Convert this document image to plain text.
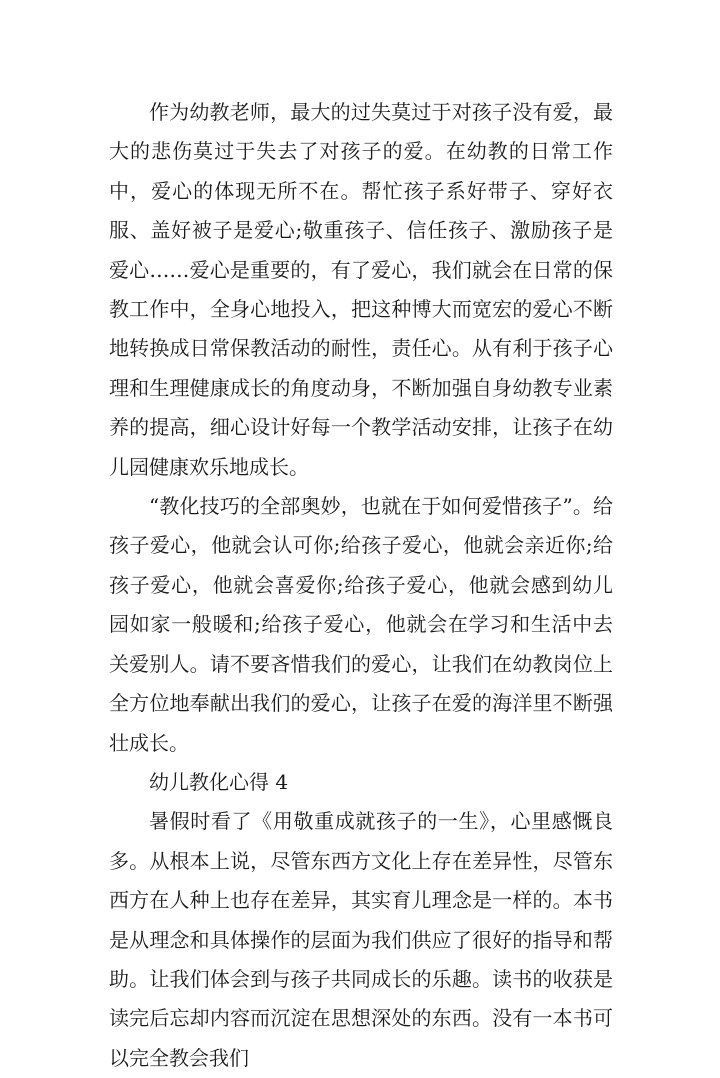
作为幼教老师，最大的过失莫过于对孩子没有爱，最大的悲伤莫过于失去了对孩子的爱。在幼教的日常工作中，爱心的体现无所不在。帮忙孩子系好带子、穿好衣服、盖好被子是爱心;敬重孩子、信任孩子、激励孩子是爱心……爱心是重要的，有了爱心，我们就会在日常的保教工作中，全身心地投入，把这种博大而宽宏的爱心不断地转换成日常保教活动的耐性，责任心。从有利于孩子心理和生理健康成长的角度动身，不断加强自身幼教专业素养的提高，细心设计好每一个教学活动安排，让孩子在幼儿园健康欢乐地成长。

“教化技巧的全部奥妙，也就在于如何爱惜孩子”。给孩子爱心，他就会认可你;给孩子爱心，他就会亲近你;给孩子爱心，他就会喜爱你;给孩子爱心，他就会感到幼儿园如家一般暖和;给孩子爱心，他就会在学习和生活中去关爱别人。请不要吝惜我们的爱心，让我们在幼教岗位上全方位地奉献出我们的爱心，让孩子在爱的海洋里不断强壮成长。

幼儿教化心得 4

暑假时看了《用敬重成就孩子的一生》，心里感慨良多。从根本上说，尽管东西方文化上存在差异性，尽管东西方在人种上也存在差异，其实育儿理念是一样的。本书是从理念和具体操作的层面为我们供应了很好的指导和帮助。让我们体会到与孩子共同成长的乐趣。读书的收获是读完后忘却内容而沉淀在思想深处的东西。没有一本书可以完全教会我们
